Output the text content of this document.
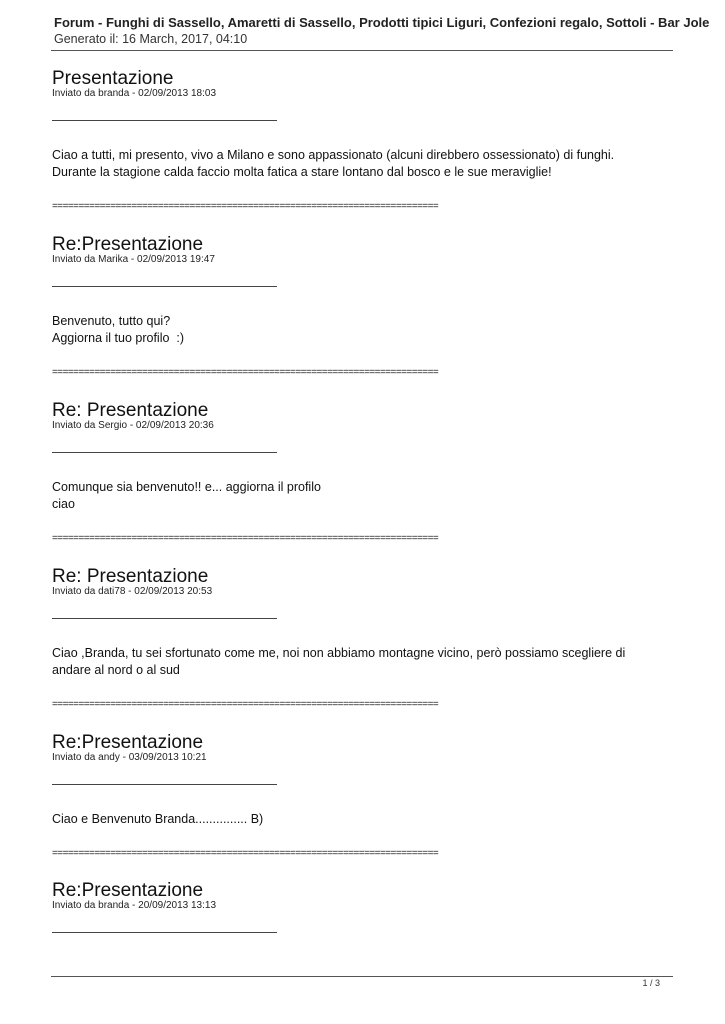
Forum - Funghi di Sassello, Amaretti di Sassello, Prodotti tipici Liguri, Confezioni regalo, Sottoli - Bar Jole
Generato il: 16 March, 2017, 04:10
Presentazione
Inviato da branda - 02/09/2013 18:03
Ciao a tutti, mi presento, vivo a Milano e sono appassionato (alcuni direbbero ossessionato) di funghi.
Durante la stagione calda faccio molta fatica a stare lontano dal bosco e le sue meraviglie!
=========================================================================
Re:Presentazione
Inviato da Marika - 02/09/2013 19:47
Benvenuto, tutto qui?
Aggiorna il tuo profilo  :)
=========================================================================
Re: Presentazione
Inviato da Sergio - 02/09/2013 20:36
Comunque sia benvenuto!! e... aggiorna il profilo
ciao
=========================================================================
Re: Presentazione
Inviato da dati78 - 02/09/2013 20:53
Ciao ,Branda, tu sei sfortunato come me, noi non abbiamo montagne vicino, però possiamo scegliere di
andare al nord o al sud
=========================================================================
Re:Presentazione
Inviato da andy - 03/09/2013 10:21
Ciao e Benvenuto Branda............... B)
=========================================================================
Re:Presentazione
Inviato da branda - 20/09/2013 13:13
1 / 3
